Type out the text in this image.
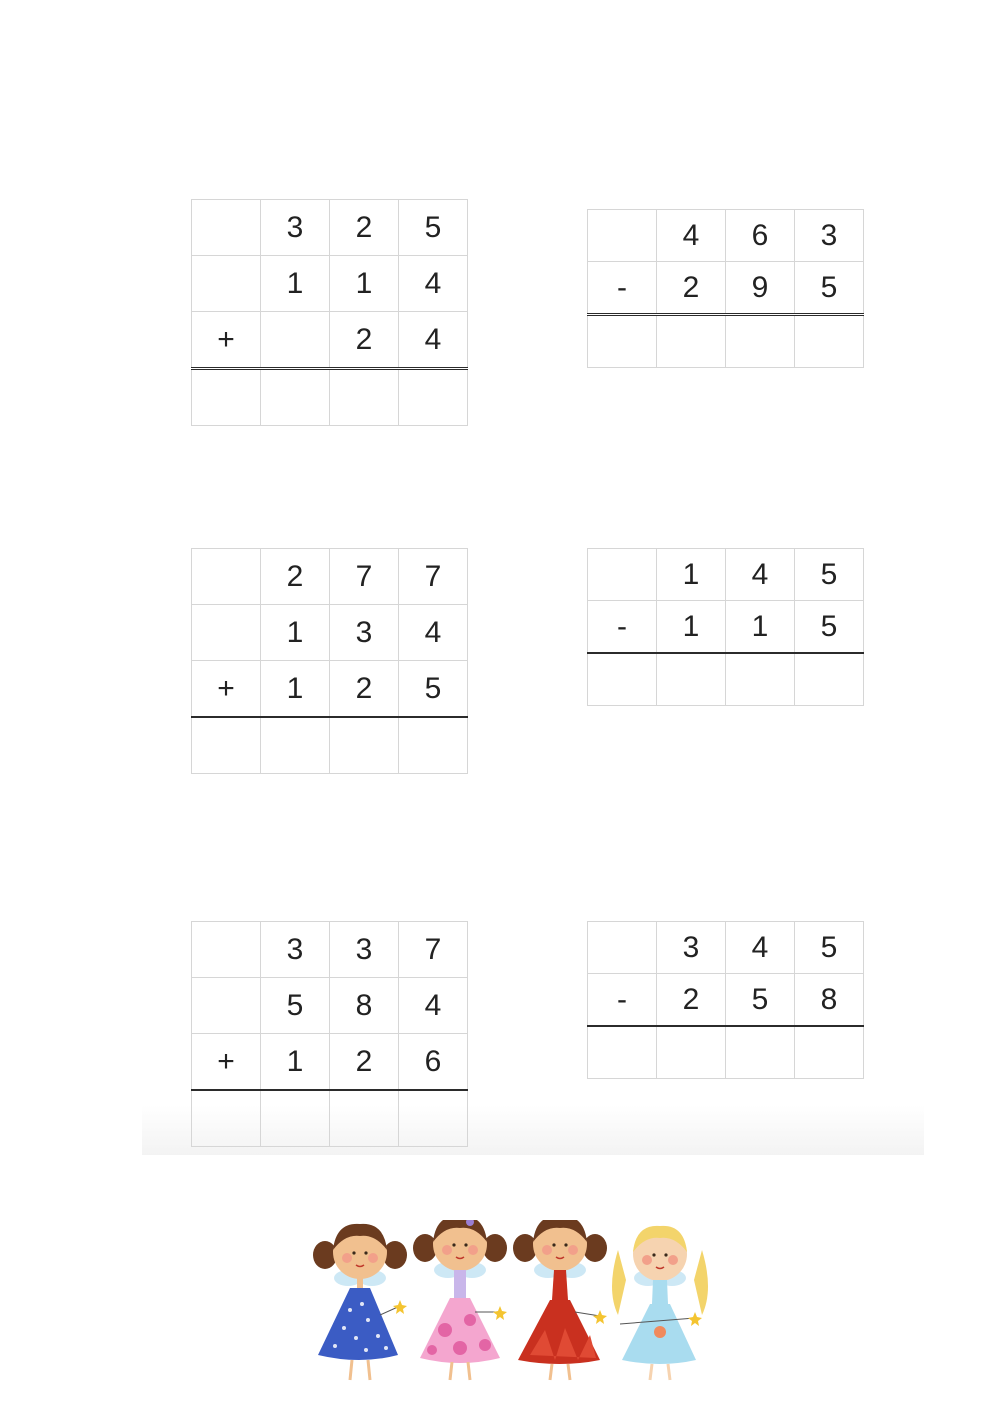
	3	2	5
	1	1	4
+		2	4

	4	6	3
-	2	9	5

	2	7	7
	1	3	4
+	1	2	5

	1	4	5
-	1	1	5

	3	3	7
	5	8	4
+	1	2	6

	3	4	5
-	2	5	8
